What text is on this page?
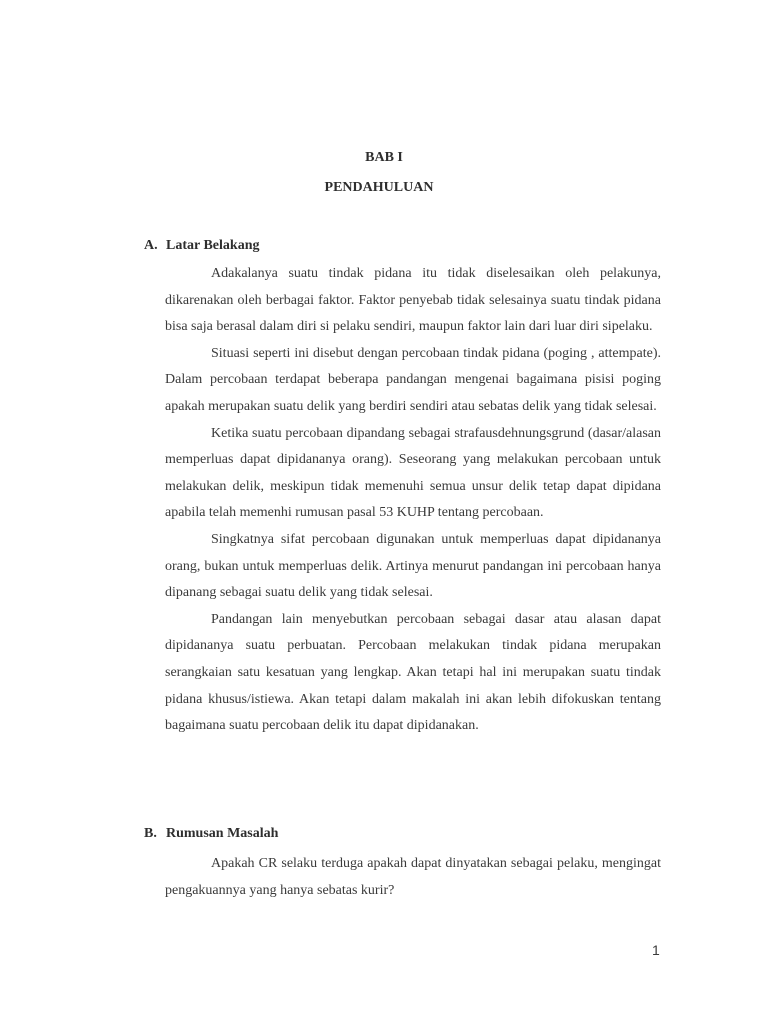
BAB I
PENDAHULUAN
A. Latar Belakang

Adakalanya suatu tindak pidana itu tidak diselesaikan oleh pelakunya, dikarenakan oleh berbagai faktor. Faktor penyebab tidak selesainya suatu tindak pidana bisa saja berasal dalam diri si pelaku sendiri, maupun faktor lain dari luar diri sipelaku.

Situasi seperti ini disebut dengan percobaan tindak pidana (poging , attempate). Dalam percobaan terdapat beberapa pandangan mengenai bagaimana pisisi poging apakah merupakan suatu delik yang berdiri sendiri atau sebatas delik yang tidak selesai.

Ketika suatu percobaan dipandang sebagai strafausdehnungsgrund (dasar/alasan memperluas dapat dipidananya orang). Seseorang yang melakukan percobaan untuk melakukan delik, meskipun tidak memenuhi semua unsur delik tetap dapat dipidana apabila telah memenhi rumusan pasal 53 KUHP tentang percobaan.

Singkatnya sifat percobaan digunakan untuk memperluas dapat dipidananya orang, bukan untuk memperluas delik. Artinya menurut pandangan ini percobaan hanya dipanang sebagai suatu delik yang tidak selesai.

Pandangan lain menyebutkan percobaan sebagai dasar atau alasan dapat dipidananya suatu perbuatan. Percobaan melakukan tindak pidana merupakan serangkaian satu kesatuan yang lengkap. Akan tetapi hal ini merupakan suatu tindak pidana khusus/istiewa. Akan tetapi dalam makalah ini akan lebih difokuskan tentang bagaimana suatu percobaan delik itu dapat dipidanakan.

B. Rumusan Masalah

Apakah CR selaku terduga apakah dapat dinyatakan sebagai pelaku, mengingat pengakuannya yang hanya sebatas kurir?

1
